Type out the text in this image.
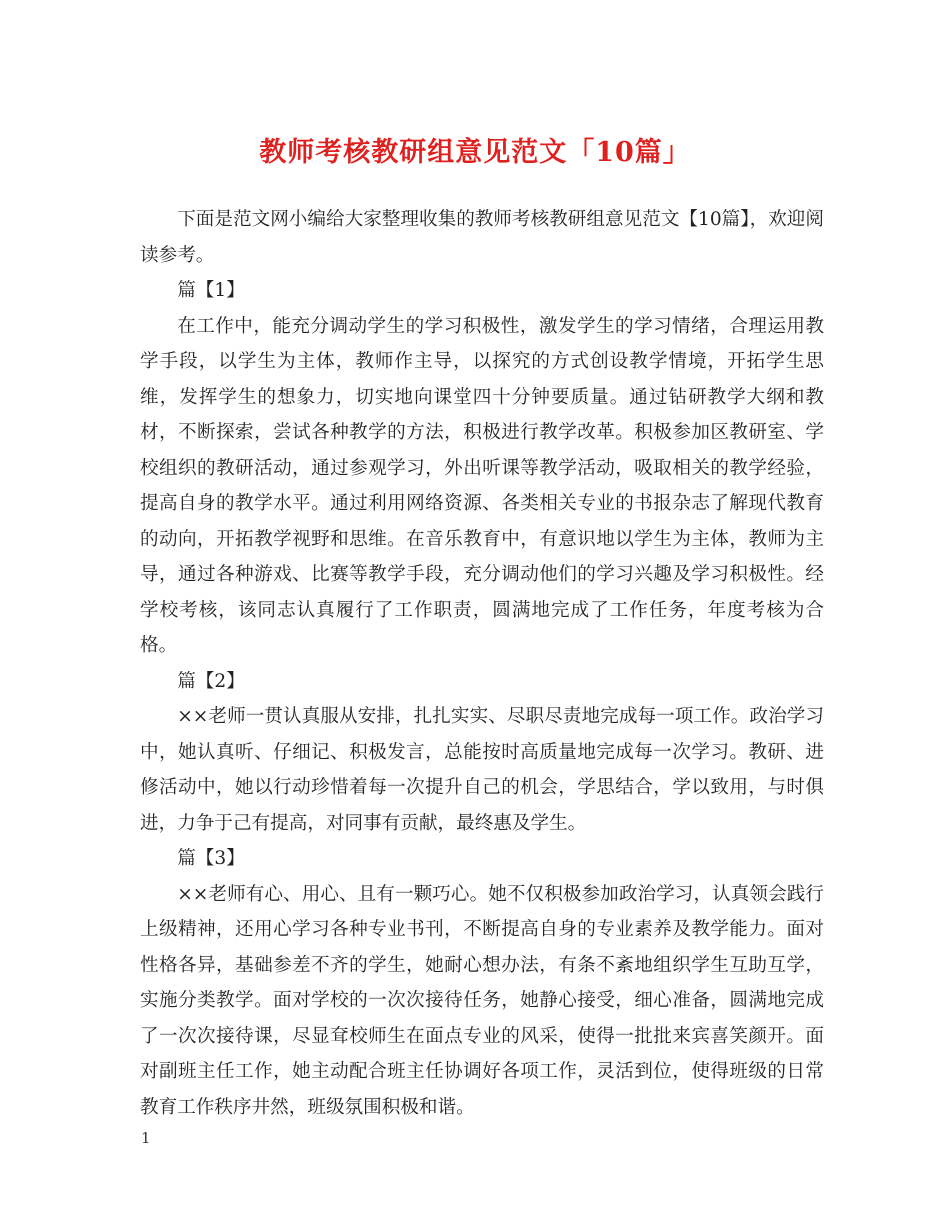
教师考核教研组意见范文「10篇」

下面是范文网小编给大家整理收集的教师考核教研组意见范文【10篇】，欢迎阅读参考。

篇【1】

在工作中，能充分调动学生的学习积极性，激发学生的学习情绪，合理运用教学手段，以学生为主体，教师作主导，以探究的方式创设教学情境，开拓学生思维，发挥学生的想象力，切实地向课堂四十分钟要质量。通过钻研教学大纲和教材，不断探索，尝试各种教学的方法，积极进行教学改革。积极参加区教研室、学校组织的教研活动，通过参观学习，外出听课等教学活动，吸取相关的教学经验，提高自身的教学水平。通过利用网络资源、各类相关专业的书报杂志了解现代教育的动向，开拓教学视野和思维。在音乐教育中，有意识地以学生为主体，教师为主导，通过各种游戏、比赛等教学手段，充分调动他们的学习兴趣及学习积极性。经学校考核，该同志认真履行了工作职责，圆满地完成了工作任务，年度考核为合格。

篇【2】

××老师一贯认真服从安排，扎扎实实、尽职尽责地完成每一项工作。政治学习中，她认真听、仔细记、积极发言，总能按时高质量地完成每一次学习。教研、进修活动中，她以行动珍惜着每一次提升自己的机会，学思结合，学以致用，与时俱进，力争于己有提高，对同事有贡献，最终惠及学生。

篇【3】

××老师有心、用心、且有一颗巧心。她不仅积极参加政治学习，认真领会践行上级精神，还用心学习各种专业书刊，不断提高自身的专业素养及教学能力。面对性格各异，基础参差不齐的学生，她耐心想办法，有条不紊地组织学生互助互学，实施分类教学。面对学校的一次次接待任务，她静心接受，细心准备，圆满地完成了一次次接待课，尽显耷校师生在面点专业的风采，使得一批批来宾喜笑颜开。面对副班主任工作，她主动配合班主任协调好各项工作，灵活到位，使得班级的日常教育工作秩序井然，班级氛围积极和谐。

1
